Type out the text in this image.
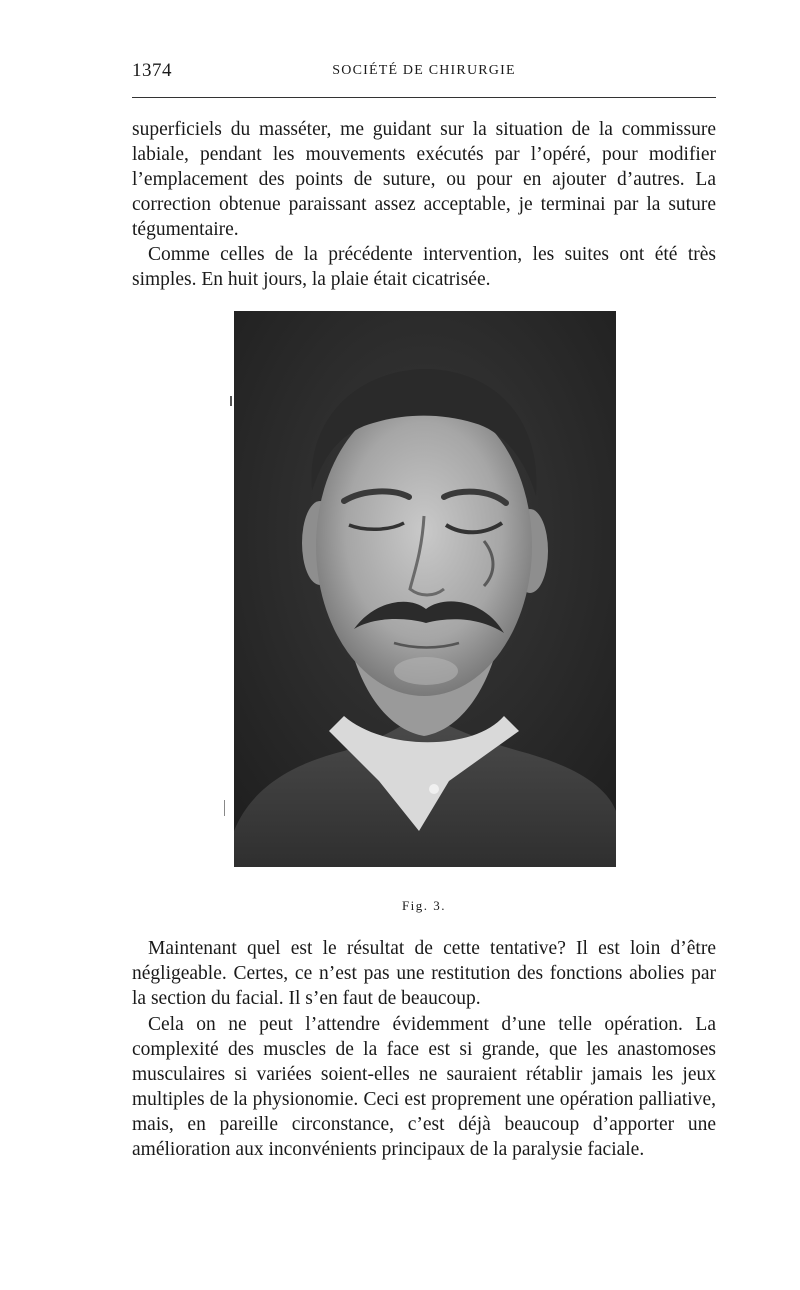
1374	SOCIÉTÉ DE CHIRURGIE

superficiels du masséter, me guidant sur la situation de la commissure labiale, pendant les mouvements exécutés par l’opéré, pour modifier l’emplacement des points de suture, ou pour en ajouter d’autres. La correction obtenue paraissant assez acceptable, je terminai par la suture tégumentaire.

Comme celles de la précédente intervention, les suites ont été très simples. En huit jours, la plaie était cicatrisée.

Fig. 3.

Maintenant quel est le résultat de cette tentative? Il est loin d’être négligeable. Certes, ce n’est pas une restitution des fonctions abolies par la section du facial. Il s’en faut de beaucoup.

Cela on ne peut l’attendre évidemment d’une telle opération. La complexité des muscles de la face est si grande, que les anastomoses musculaires si variées soient-elles ne sauraient rétablir jamais les jeux multiples de la physionomie. Ceci est proprement une opération palliative, mais, en pareille circonstance, c’est déjà beaucoup d’apporter une amélioration aux inconvénients principaux de la paralysie faciale.
